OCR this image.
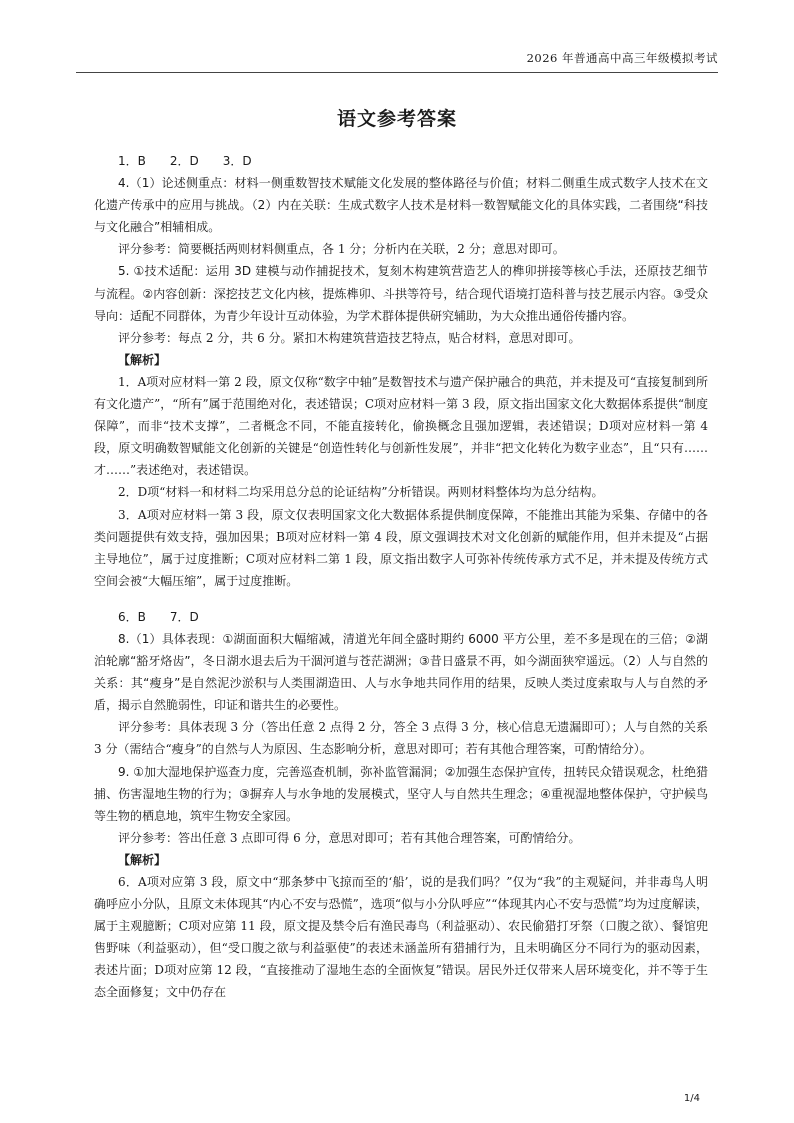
2026 年普通高中高三年级模拟考试
语文参考答案

1．B　　2．D　　3．D

4.（1）论述侧重点：材料一侧重数智技术赋能文化发展的整体路径与价值；材料二侧重生成式数字人技术在文化遗产传承中的应用与挑战。（2）内在关联：生成式数字人技术是材料一数智赋能文化的具体实践，二者围绕“科技与文化融合”相辅相成。

评分参考：简要概括两则材料侧重点，各 1 分；分析内在关联，2 分；意思对即可。

5. ①技术适配：运用 3D 建模与动作捕捉技术，复刻木构建筑营造艺人的榫卯拼接等核心手法，还原技艺细节与流程。②内容创新：深挖技艺文化内核，提炼榫卯、斗拱等符号，结合现代语境打造科普与技艺展示内容。③受众导向：适配不同群体，为青少年设计互动体验，为学术群体提供研究辅助，为大众推出通俗传播内容。

评分参考：每点 2 分，共 6 分。紧扣木构建筑营造技艺特点，贴合材料，意思对即可。

【解析】

1．A项对应材料一第 2 段，原文仅称“数字中轴”是数智技术与遗产保护融合的典范，并未提及可“直接复制到所有文化遗产”，“所有”属于范围绝对化，表述错误；C项对应材料一第 3 段，原文指出国家文化大数据体系提供“制度保障”，而非“技术支撑”，二者概念不同，不能直接转化，偷换概念且强加逻辑，表述错误；D项对应材料一第 4 段，原文明确数智赋能文化创新的关键是“创造性转化与创新性发展”，并非“把文化转化为数字业态”，且“只有……才……”表述绝对，表述错误。

2．D项“材料一和材料二均采用总分总的论证结构”分析错误。两则材料整体均为总分结构。

3．A项对应材料一第 3 段，原文仅表明国家文化大数据体系提供制度保障，不能推出其能为采集、存储中的各类问题提供有效支持，强加因果；B项对应材料一第 4 段，原文强调技术对文化创新的赋能作用，但并未提及“占据主导地位”，属于过度推断；C项对应材料二第 1 段，原文指出数字人可弥补传统传承方式不足，并未提及传统方式空间会被“大幅压缩”，属于过度推断。

6．B　　7．D

8.（1）具体表现：①湖面面积大幅缩减，清道光年间全盛时期约 6000 平方公里，差不多是现在的三倍；②湖泊轮廓“豁牙烙齿”，冬日湖水退去后为干涸河道与苍茫湖洲；③昔日盛景不再，如今湖面狭窄遥远。（2）人与自然的关系：其“瘦身”是自然泥沙淤积与人类围湖造田、人与水争地共同作用的结果，反映人类过度索取与人与自然的矛盾，揭示自然脆弱性，印证和谐共生的必要性。

评分参考：具体表现 3 分（答出任意 2 点得 2 分，答全 3 点得 3 分，核心信息无遗漏即可）；人与自然的关系 3 分（需结合“瘦身”的自然与人为原因、生态影响分析，意思对即可；若有其他合理答案，可酌情给分）。

9. ①加大湿地保护巡查力度，完善巡查机制，弥补监管漏洞；②加强生态保护宣传，扭转民众错误观念，杜绝猎捕、伤害湿地生物的行为；③摒弃人与水争地的发展模式，坚守人与自然共生理念；④重视湿地整体保护，守护候鸟等生物的栖息地，筑牢生物安全家园。

评分参考：答出任意 3 点即可得 6 分，意思对即可；若有其他合理答案，可酌情给分。

【解析】

6．A项对应第 3 段，原文中“那条梦中飞掠而至的‘船’，说的是我们吗？”仅为“我”的主观疑问，并非毒鸟人明确呼应小分队，且原文未体现其“内心不安与恐慌”，选项“似与小分队呼应”“体现其内心不安与恐慌”均为过度解读，属于主观臆断；C项对应第 11 段，原文提及禁令后有渔民毒鸟（利益驱动）、农民偷猎打牙祭（口腹之欲）、餐馆兜售野味（利益驱动），但“受口腹之欲与利益驱使”的表述未涵盖所有猎捕行为，且未明确区分不同行为的驱动因素，表述片面；D项对应第 12 段，“直接推动了湿地生态的全面恢复”错误。居民外迁仅带来人居环境变化，并不等于生态全面修复；文中仍存在

1/4
